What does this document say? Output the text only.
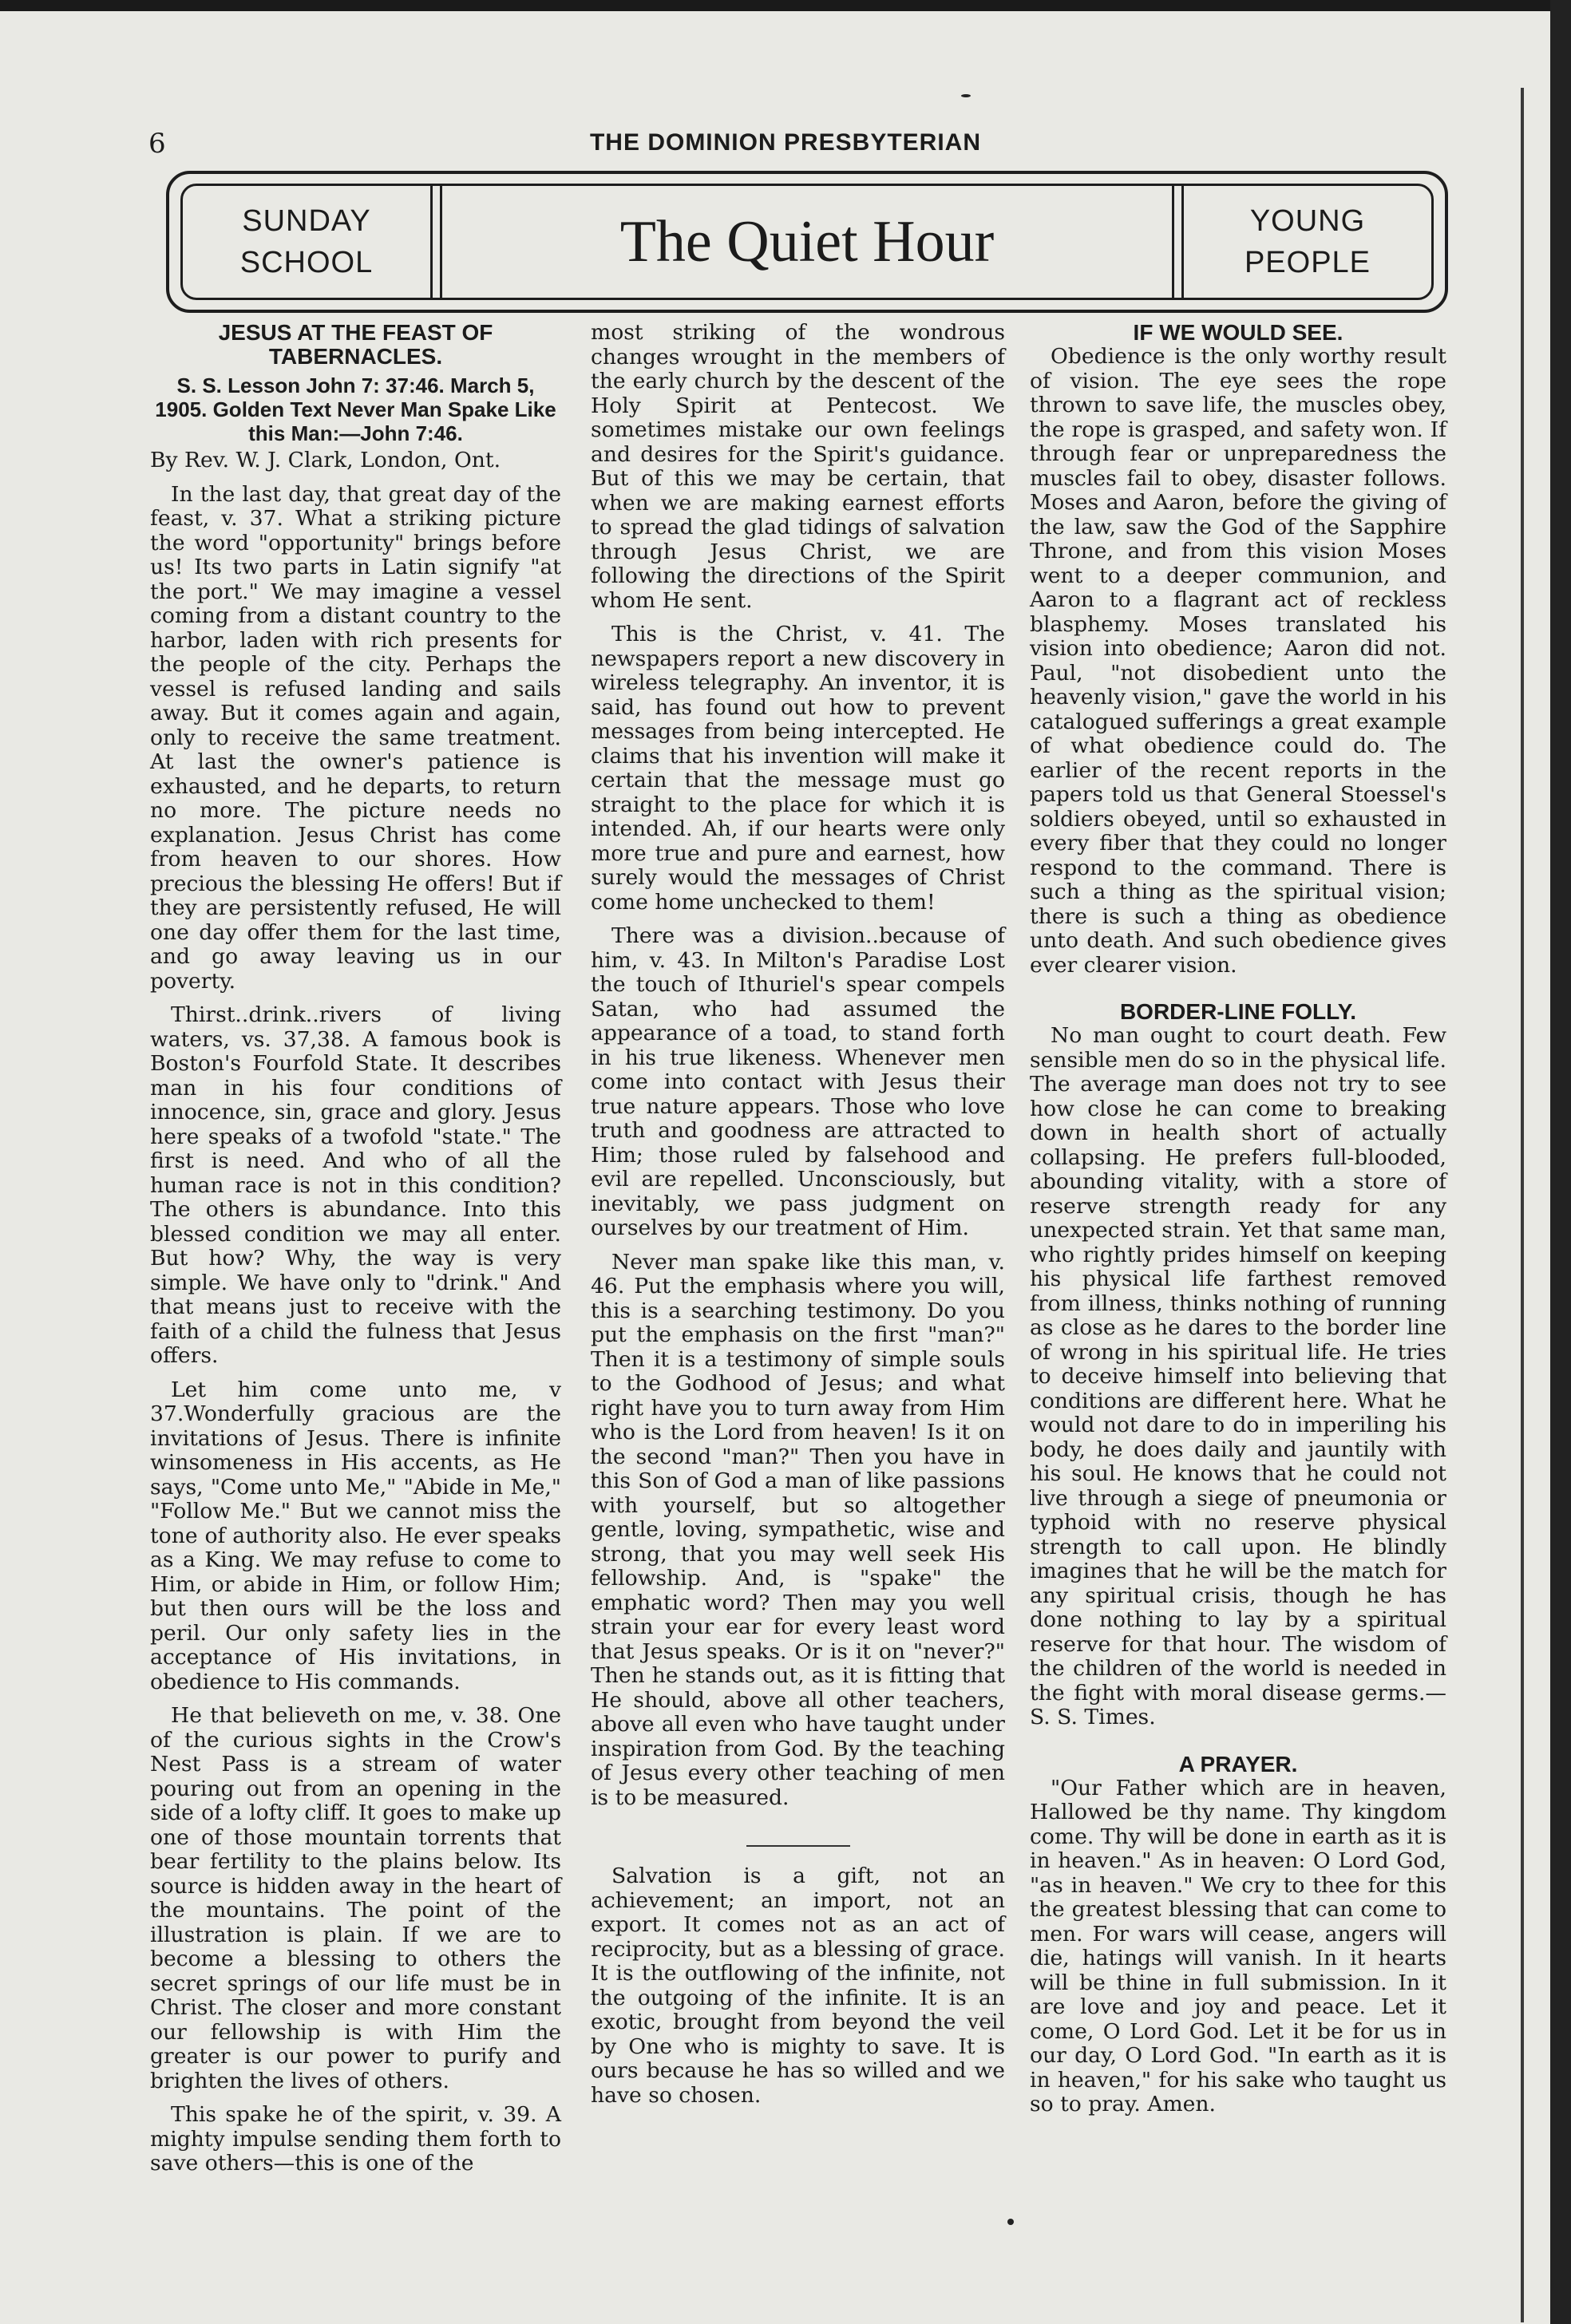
6	THE DOMINION PRESBYTERIAN
SUNDAY
SCHOOL	The Quiet Hour	YOUNG
PEOPLE
JESUS AT THE FEAST OF TABERNACLES.
S. S. Lesson John 7: 37:46. March 5, 1905. Golden Text Never Man Spake Like this Man:—John 7:46.

By Rev. W. J. Clark, London, Ont.

In the last day, that great day of the feast, v. 37. What a striking picture the word "opportunity" brings before us! Its two parts in Latin signify "at the port." We may imagine a vessel coming from a distant country to the harbor, laden with rich presents for the people of the city. Perhaps the vessel is refused landing and sails away. But it comes again and again, only to receive the same treatment. At last the owner's patience is exhausted, and he departs, to return no more. The picture needs no explanation. Jesus Christ has come from heaven to our shores. How precious the blessing He offers! But if they are persistently refused, He will one day offer them for the last time, and go away leaving us in our poverty.

Thirst..drink..rivers of living waters, vs. 37,38. A famous book is Boston's Fourfold State. It describes man in his four conditions of innocence, sin, grace and glory. Jesus here speaks of a twofold "state." The first is need. And who of all the human race is not in this condition? The others is abundance. Into this blessed condition we may all enter. But how? Why, the way is very simple. We have only to "drink." And that means just to receive with the faith of a child the fulness that Jesus offers.

Let him come unto me, v 37.Wonderfully gracious are the invitations of Jesus. There is infinite winsomeness in His accents, as He says, "Come unto Me," "Abide in Me," "Follow Me." But we cannot miss the tone of authority also. He ever speaks as a King. We may refuse to come to Him, or abide in Him, or follow Him; but then ours will be the loss and peril. Our only safety lies in the acceptance of His invitations, in obedience to His commands.

He that believeth on me, v. 38. One of the curious sights in the Crow's Nest Pass is a stream of water pouring out from an opening in the side of a lofty cliff. It goes to make up one of those mountain torrents that bear fertility to the plains below. Its source is hidden away in the heart of the mountains. The point of the illustration is plain. If we are to become a blessing to others the secret springs of our life must be in Christ. The closer and more constant our fellowship is with Him the greater is our power to purify and brighten the lives of others.

This spake he of the spirit, v. 39. A mighty impulse sending them forth to save others—this is one of the

most striking of the wondrous changes wrought in the members of the early church by the descent of the Holy Spirit at Pentecost. We sometimes mistake our own feelings and desires for the Spirit's guidance. But of this we may be certain, that when we are making earnest efforts to spread the glad tidings of salvation through Jesus Christ, we are following the directions of the Spirit whom He sent.

This is the Christ, v. 41. The newspapers report a new discovery in wireless telegraphy. An inventor, it is said, has found out how to prevent messages from being intercepted. He claims that his invention will make it certain that the message must go straight to the place for which it is intended. Ah, if our hearts were only more true and pure and earnest, how surely would the messages of Christ come home unchecked to them!

There was a division..because of him, v. 43. In Milton's Paradise Lost the touch of Ithuriel's spear compels Satan, who had assumed the appearance of a toad, to stand forth in his true likeness. Whenever men come into contact with Jesus their true nature appears. Those who love truth and goodness are attracted to Him; those ruled by falsehood and evil are repelled. Unconsciously, but inevitably, we pass judgment on ourselves by our treatment of Him.

Never man spake like this man, v. 46. Put the emphasis where you will, this is a searching testimony. Do you put the emphasis on the first "man?" Then it is a testimony of simple souls to the Godhood of Jesus; and what right have you to turn away from Him who is the Lord from heaven! Is it on the second "man?" Then you have in this Son of God a man of like passions with yourself, but so altogether gentle, loving, sympathetic, wise and strong, that you may well seek His fellowship. And, is "spake" the emphatic word? Then may you well strain your ear for every least word that Jesus speaks. Or is it on "never?" Then he stands out, as it is fitting that He should, above all other teachers, above all even who have taught under inspiration from God. By the teaching of Jesus every other teaching of men is to be measured.

Salvation is a gift, not an achievement; an import, not an export. It comes not as an act of reciprocity, but as a blessing of grace. It is the outflowing of the infinite, not the outgoing of the infinite. It is an exotic, brought from beyond the veil by One who is mighty to save. It is ours because he has so willed and we have so chosen.

IF WE WOULD SEE.

Obedience is the only worthy result of vision. The eye sees the rope thrown to save life, the muscles obey, the rope is grasped, and safety won. If through fear or unpreparedness the muscles fail to obey, disaster follows. Moses and Aaron, before the giving of the law, saw the God of the Sapphire Throne, and from this vision Moses went to a deeper communion, and Aaron to a flagrant act of reckless blasphemy. Moses translated his vision into obedience; Aaron did not. Paul, "not disobedient unto the heavenly vision," gave the world in his catalogued sufferings a great example of what obedience could do. The earlier of the recent reports in the papers told us that General Stoessel's soldiers obeyed, until so exhausted in every fiber that they could no longer respond to the command. There is such a thing as the spiritual vision; there is such a thing as obedience unto death. And such obedience gives ever clearer vision.

BORDER-LINE FOLLY.

No man ought to court death. Few sensible men do so in the physical life. The average man does not try to see how close he can come to breaking down in health short of actually collapsing. He prefers full-blooded, abounding vitality, with a store of reserve strength ready for any unexpected strain. Yet that same man, who rightly prides himself on keeping his physical life farthest removed from illness, thinks nothing of running as close as he dares to the border line of wrong in his spiritual life. He tries to deceive himself into believing that conditions are different here. What he would not dare to do in imperiling his body, he does daily and jauntily with his soul. He knows that he could not live through a siege of pneumonia or typhoid with no reserve physical strength to call upon. He blindly imagines that he will be the match for any spiritual crisis, though he has done nothing to lay by a spiritual reserve for that hour. The wisdom of the children of the world is needed in the fight with moral disease germs.—S. S. Times.

A PRAYER.

"Our Father which are in heaven, Hallowed be thy name. Thy kingdom come. Thy will be done in earth as it is in heaven." As in heaven: O Lord God, "as in heaven." We cry to thee for this the greatest blessing that can come to men. For wars will cease, angers will die, hatings will vanish. In it hearts will be thine in full submission. In it are love and joy and peace. Let it come, O Lord God. Let it be for us in our day, O Lord God. "In earth as it is in heaven," for his sake who taught us so to pray. Amen.
